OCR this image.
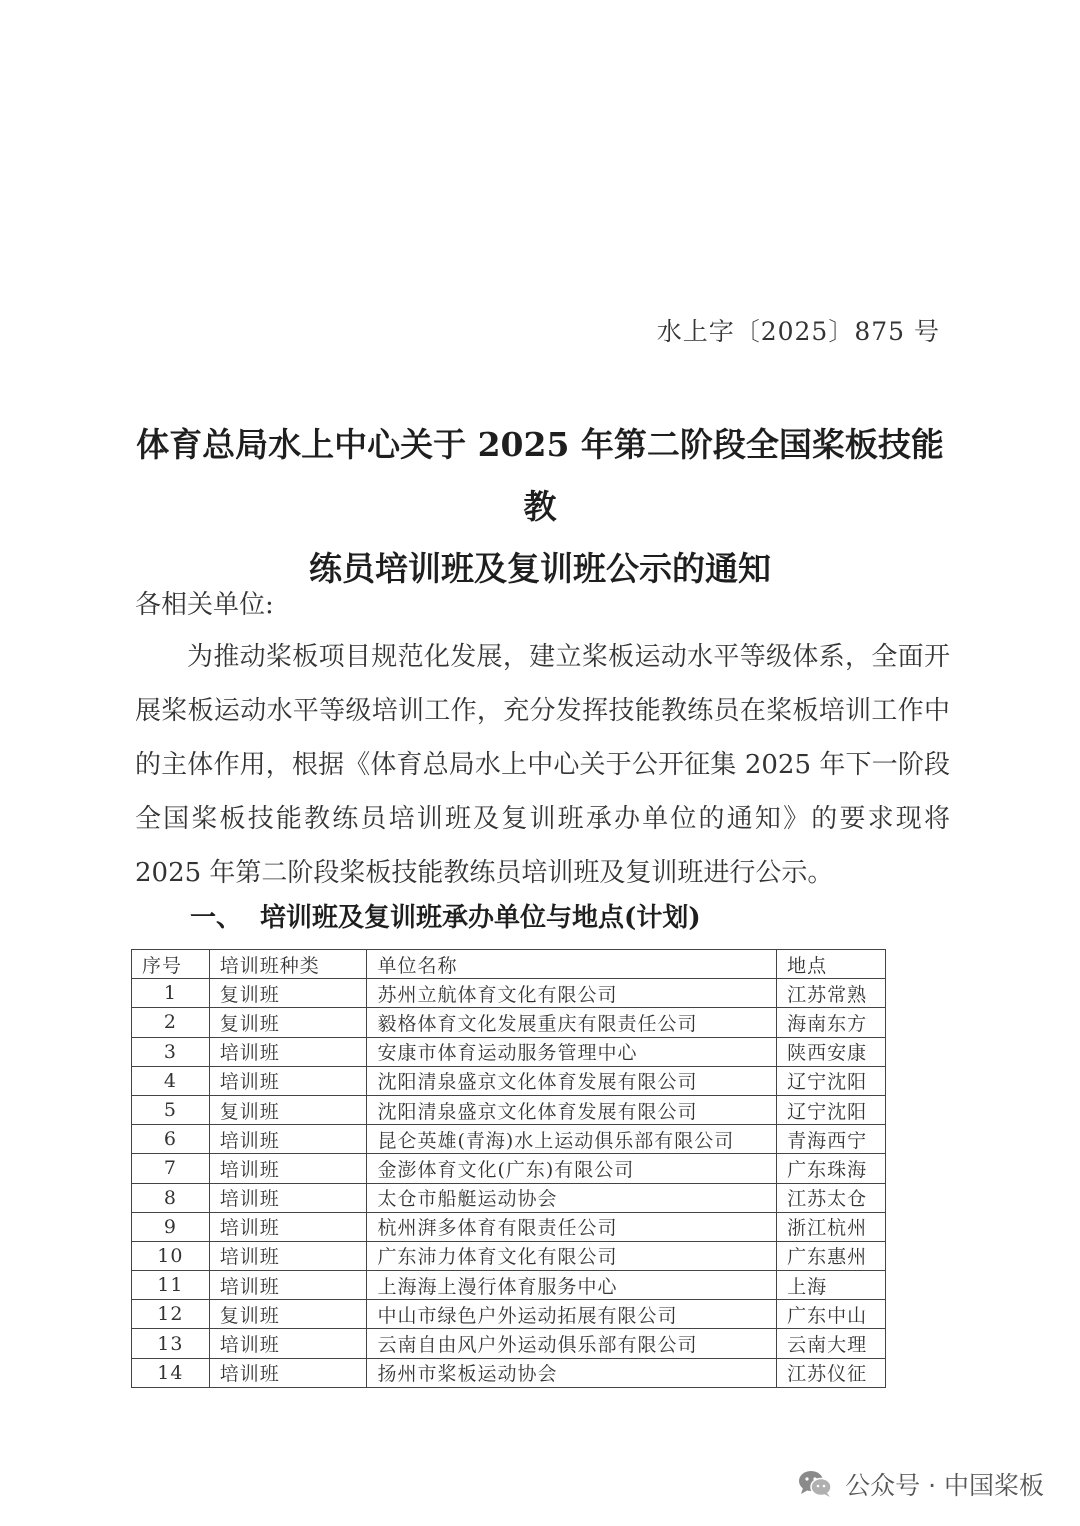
水上字〔2025〕875 号
体育总局水上中心关于 2025 年第二阶段全国桨板技能教
练员培训班及复训班公示的通知
各相关单位:

为推动桨板项目规范化发展，建立桨板运动水平等级体系，全面开展桨板运动水平等级培训工作，充分发挥技能教练员在桨板培训工作中的主体作用，根据《体育总局水上中心关于公开征集 2025 年下一阶段全国桨板技能教练员培训班及复训班承办单位的通知》的要求现将 2025 年第二阶段桨板技能教练员培训班及复训班进行公示。

一、 培训班及复训班承办单位与地点(计划)
序号	培训班种类	单位名称	地点
1	复训班	苏州立航体育文化有限公司	江苏常熟
2	复训班	毅格体育文化发展重庆有限责任公司	海南东方
3	培训班	安康市体育运动服务管理中心	陕西安康
4	培训班	沈阳清泉盛京文化体育发展有限公司	辽宁沈阳
5	复训班	沈阳清泉盛京文化体育发展有限公司	辽宁沈阳
6	培训班	昆仑英雄(青海)水上运动俱乐部有限公司	青海西宁
7	培训班	金澎体育文化(广东)有限公司	广东珠海
8	培训班	太仓市船艇运动协会	江苏太仓
9	培训班	杭州湃多体育有限责任公司	浙江杭州
10	培训班	广东沛力体育文化有限公司	广东惠州
11	培训班	上海海上漫行体育服务中心	上海
12	复训班	中山市绿色户外运动拓展有限公司	广东中山
13	培训班	云南自由风户外运动俱乐部有限公司	云南大理
14	培训班	扬州市桨板运动协会	江苏仪征
公众号 · 中国桨板
